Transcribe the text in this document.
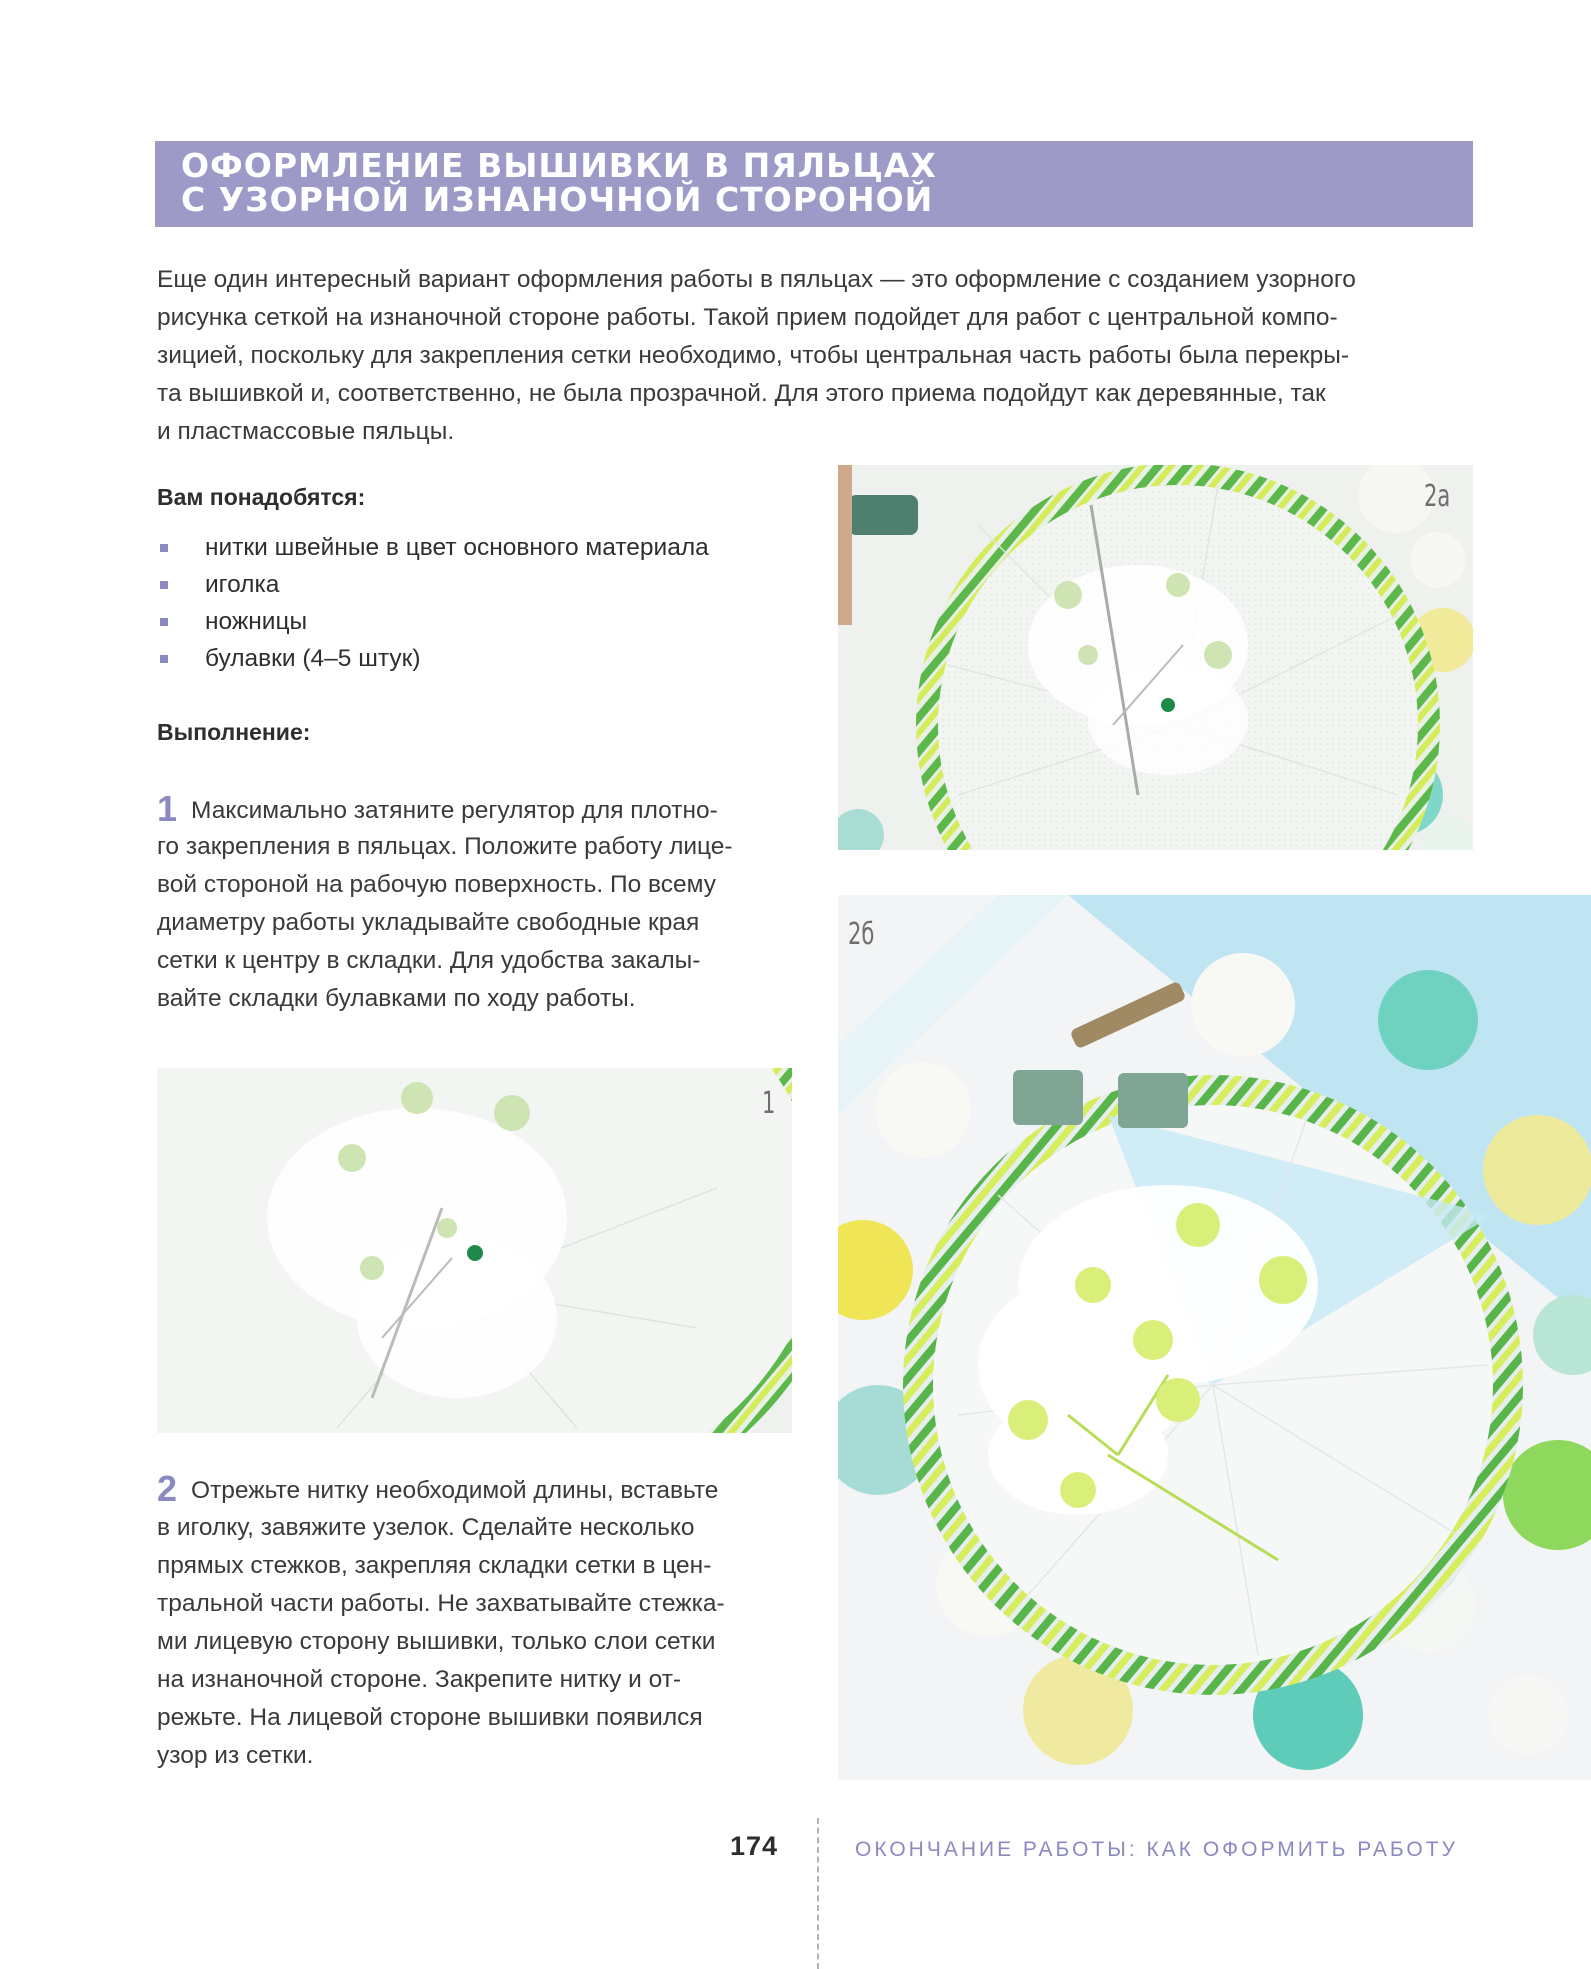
ОФОРМЛЕНИЕ ВЫШИВКИ В ПЯЛЬЦАХ
С УЗОРНОЙ ИЗНАНОЧНОЙ СТОРОНОЙ
Еще один интересный вариант оформления работы в пяльцах — это оформление с созданием узорного
рисунка сеткой на изнаночной стороне работы. Такой прием подойдет для работ с центральной компо-
зицией, поскольку для закрепления сетки необходимо, чтобы центральная часть работы была перекры-
та вышивкой и, соответственно, не была прозрачной. Для этого приема подойдут как деревянные, так
и пластмассовые пяльцы.
Вам понадобятся:
нитки швейные в цвет основного материала
иголка
ножницы
булавки (4–5 штук)
Выполнение:
1 Максимально затяните регулятор для плотно-
го закрепления в пяльцах. Положите работу лице-
вой стороной на рабочую поверхность. По всему
диаметру работы укладывайте свободные края
сетки к центру в складки. Для удобства закалы-
вайте складки булавками по ходу работы.
2 Отрежьте нитку необходимой длины, вставьте
в иголку, завяжите узелок. Сделайте несколько
прямых стежков, закрепляя складки сетки в цен-
тральной части работы. Не захватывайте стежка-
ми лицевую сторону вышивки, только слои сетки
на изнаночной стороне. Закрепите нитку и от-
режьте. На лицевой стороне вышивки появился
узор из сетки.
2а
2б
1
174	ОКОНЧАНИЕ РАБОТЫ: КАК ОФОРМИТЬ РАБОТУ
